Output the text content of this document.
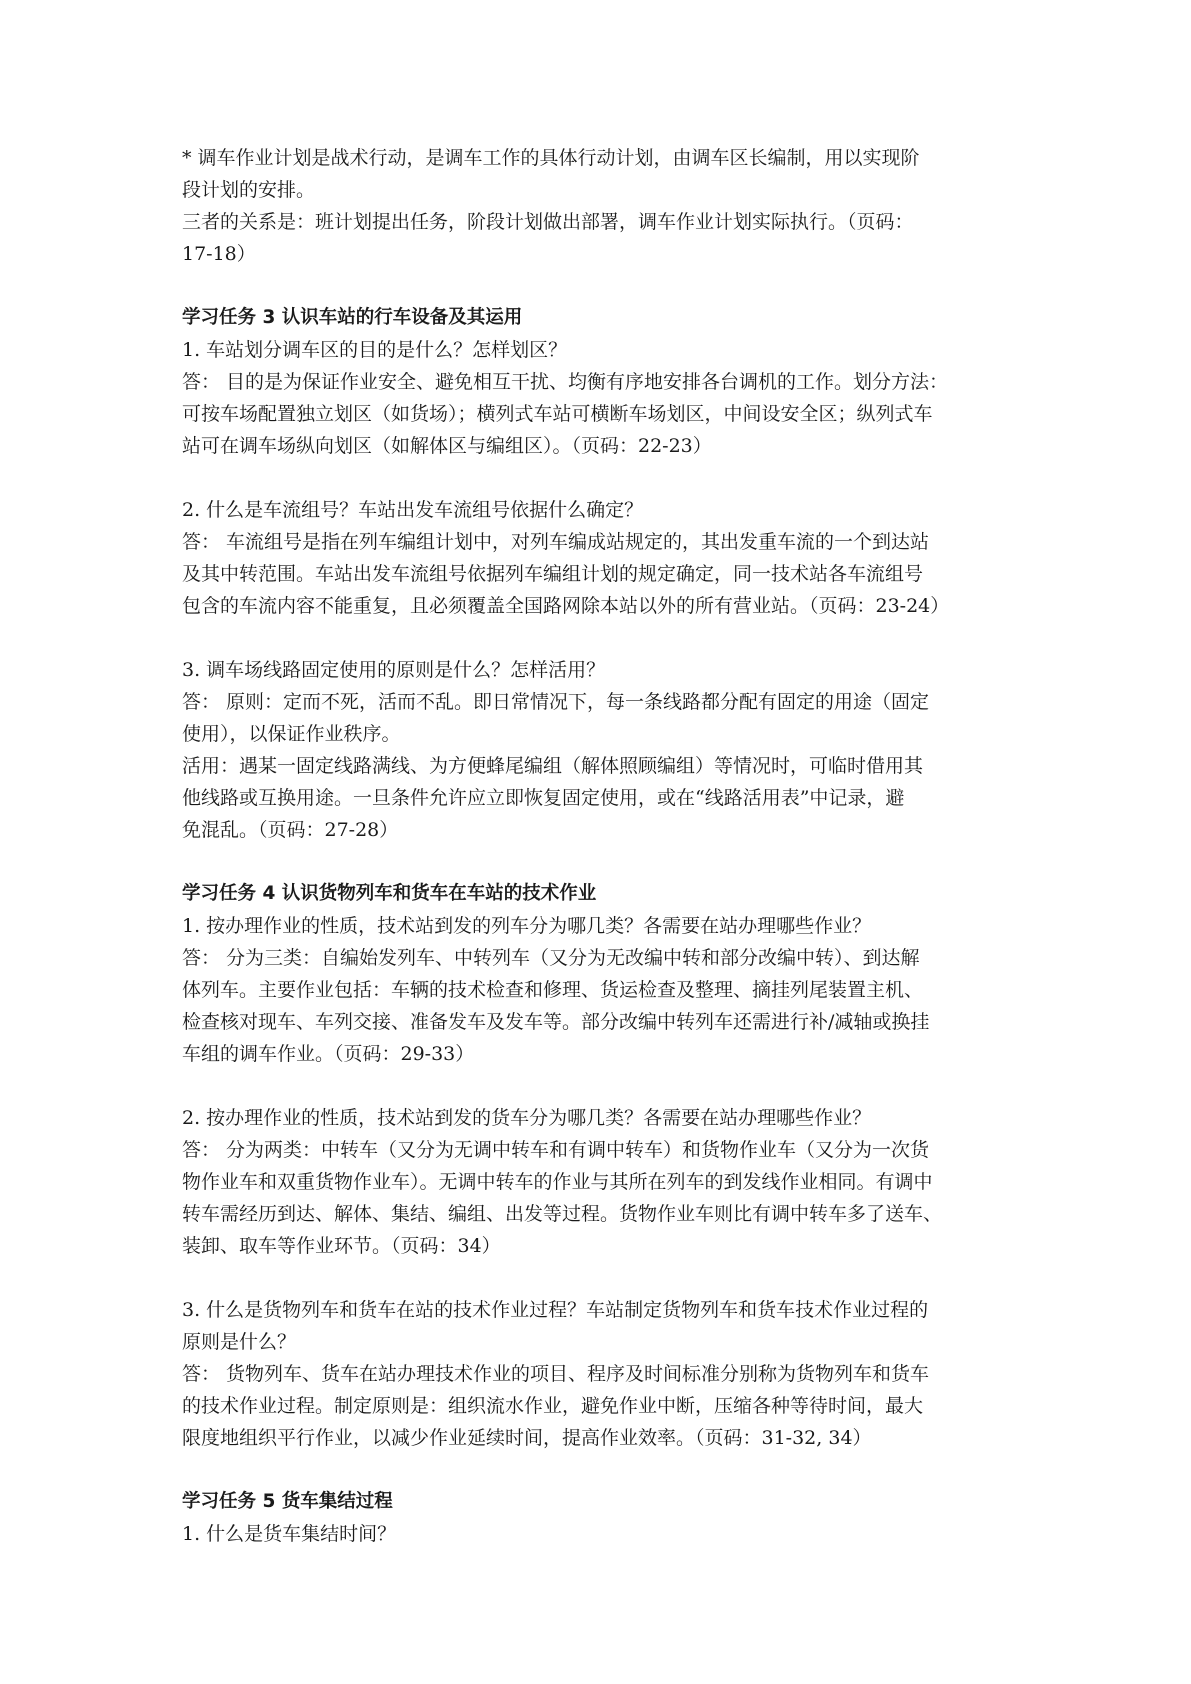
* 调车作业计划是战术行动，是调车工作的具体行动计划，由调车区长编制，用以实现阶
段计划的安排。
三者的关系是：班计划提出任务，阶段计划做出部署，调车作业计划实际执行。（页码：
17-18）
学习任务 3 认识车站的行车设备及其运用
1. 车站划分调车区的目的是什么？怎样划区？
答： 目的是为保证作业安全、避免相互干扰、均衡有序地安排各台调机的工作。划分方法：
可按车场配置独立划区（如货场）；横列式车站可横断车场划区，中间设安全区；纵列式车
站可在调车场纵向划区（如解体区与编组区）。（页码：22-23）
2. 什么是车流组号？车站出发车流组号依据什么确定？
答： 车流组号是指在列车编组计划中，对列车编成站规定的，其出发重车流的一个到达站
及其中转范围。车站出发车流组号依据列车编组计划的规定确定，同一技术站各车流组号
包含的车流内容不能重复，且必须覆盖全国路网除本站以外的所有营业站。（页码：23-24）
3. 调车场线路固定使用的原则是什么？怎样活用？
答： 原则：定而不死，活而不乱。即日常情况下，每一条线路都分配有固定的用途（固定
使用），以保证作业秩序。
活用：遇某一固定线路满线、为方便蜂尾编组（解体照顾编组）等情况时，可临时借用其
他线路或互换用途。一旦条件允许应立即恢复固定使用，或在“线路活用表”中记录，避
免混乱。（页码：27-28）
学习任务 4 认识货物列车和货车在车站的技术作业
1. 按办理作业的性质，技术站到发的列车分为哪几类？各需要在站办理哪些作业？
答： 分为三类：自编始发列车、中转列车（又分为无改编中转和部分改编中转）、到达解
体列车。主要作业包括：车辆的技术检查和修理、货运检查及整理、摘挂列尾装置主机、
检查核对现车、车列交接、准备发车及发车等。部分改编中转列车还需进行补/减轴或换挂
车组的调车作业。（页码：29-33）
2. 按办理作业的性质，技术站到发的货车分为哪几类？各需要在站办理哪些作业？
答： 分为两类：中转车（又分为无调中转车和有调中转车）和货物作业车（又分为一次货
物作业车和双重货物作业车）。无调中转车的作业与其所在列车的到发线作业相同。有调中
转车需经历到达、解体、集结、编组、出发等过程。货物作业车则比有调中转车多了送车、
装卸、取车等作业环节。（页码：34）
3. 什么是货物列车和货车在站的技术作业过程？车站制定货物列车和货车技术作业过程的
原则是什么？
答： 货物列车、货车在站办理技术作业的项目、程序及时间标准分别称为货物列车和货车
的技术作业过程。制定原则是：组织流水作业，避免作业中断，压缩各种等待时间，最大
限度地组织平行作业，以减少作业延续时间，提高作业效率。（页码：31-32, 34）
学习任务 5 货车集结过程
1. 什么是货车集结时间？
